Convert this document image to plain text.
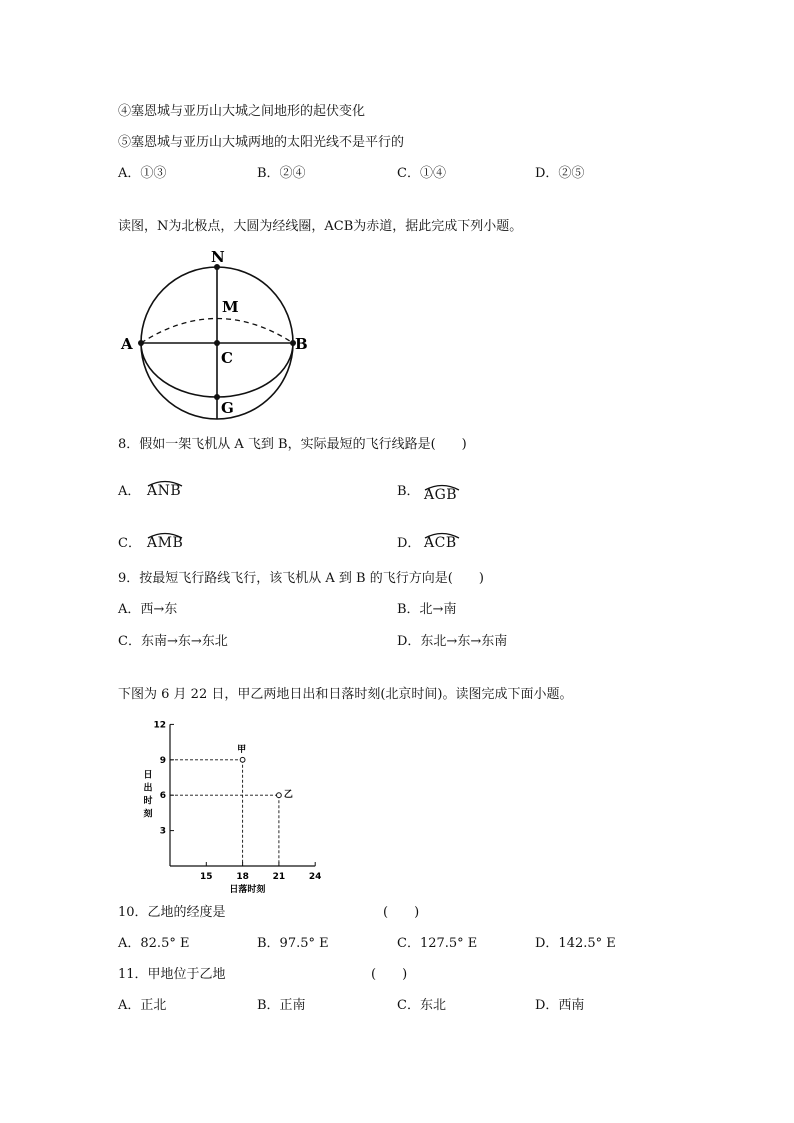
④塞恩城与亚历山大城之间地形的起伏变化
⑤塞恩城与亚历山大城两地的太阳光线不是平行的
A．①③	B．②④	C．①④	D．②⑤
读图，N为北极点，大圆为经线圈，ACB为赤道，据此完成下列小题。
N
M
A	B
C
G
8．假如一架飞机从 A 飞到 B，实际最短的飞行线路是(　　)
A． ANB	B． AGB
C． AMB	D． ACB
9．按最短飞行路线飞行，该飞机从 A 到 B 的飞行方向是(　　)
A．西→东	B．北→南
C．东南→东→东北	D．东北→东→东南
下图为 6 月 22 日，甲乙两地日出和日落时刻(北京时间)。读图完成下面小题。
15	18	21	24
3
6
9
12
日落时刻
日
出
时
刻
甲
乙
10．乙地的经度是	(　　)
A．82.5° E	B．97.5° E	C．127.5° E	D．142.5° E
11．甲地位于乙地	(　　)
A．正北	B．正南	C．东北	D．西南
